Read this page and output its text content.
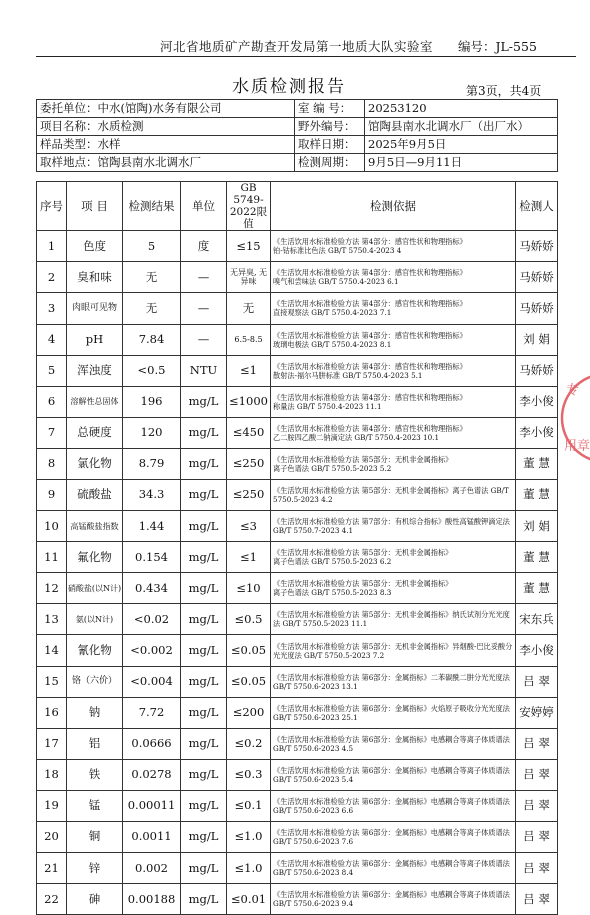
河北省地质矿产勘查开发局第一地质大队实验室 编号：JL-555
水质检测报告	第3页，共4页
委托单位：中水(馆陶)水务有限公司	室 编 号：	20253120
项目名称：水质检测	野外编号：	馆陶县南水北调水厂（出厂水）
样品类型：水样	取样日期：	2025年9月5日
取样地点：馆陶县南水北调水厂	检测周期：	9月5日—9月11日
序号	项 目	检测结果	单位	GB 5749-2022限值	检测依据	检测人
1	色度	5	度	≤15	《生活饮用水标准检验方法 第4部分：感官性状和物理指标》
铂-钴标准比色法 GB/T 5750.4-2023 4	马娇娇
2	臭和味	无	—	无异臭, 无异味	《生活饮用水标准检验方法 第4部分：感官性状和物理指标》
嗅气和尝味法 GB/T 5750.4-2023 6.1	马娇娇
3	肉眼可见物	无	—	无	《生活饮用水标准检验方法 第4部分：感官性状和物理指标》
直接观察法 GB/T 5750.4-2023 7.1	马娇娇
4	pH	7.84	—	6.5-8.5	《生活饮用水标准检验方法 第4部分：感官性状和物理指标》
玻璃电极法 GB/T 5750.4-2023 8.1	刘 娟
5	浑浊度	<0.5	NTU	≤1	《生活饮用水标准检验方法 第4部分：感官性状和物理指标》
散射法-福尔马肼标准 GB/T 5750.4-2023 5.1	马娇娇
6	溶解性总固体	196	mg/L	≤1000	《生活饮用水标准检验方法 第4部分：感官性状和物理指标》
称量法 GB/T 5750.4-2023 11.1	李小俊
7	总硬度	120	mg/L	≤450	《生活饮用水标准检验方法 第4部分：感官性状和物理指标》
乙二胺四乙酸二钠滴定法 GB/T 5750.4-2023 10.1	李小俊
8	氯化物	8.79	mg/L	≤250	《生活饮用水标准检验方法 第5部分：无机非金属指标》
离子色谱法 GB/T 5750.5-2023 5.2	董 慧
9	硫酸盐	34.3	mg/L	≤250	《生活饮用水标准检验方法 第5部分：无机非金属指标》离子色谱法 GB/T 5750.5-2023 4.2	董 慧
10	高锰酸盐指数	1.44	mg/L	≤3	《生活饮用水标准检验方法 第7部分：有机综合指标》酸性高锰酸钾滴定法 GB/T 5750.7-2023 4.1	刘 娟
11	氟化物	0.154	mg/L	≤1	《生活饮用水标准检验方法 第5部分：无机非金属指标》
离子色谱法 GB/T 5750.5-2023 6.2	董 慧
12	硝酸盐(以N计)	0.434	mg/L	≤10	《生活饮用水标准检验方法 第5部分：无机非金属指标》
离子色谱法 GB/T 5750.5-2023 8.3	董 慧
13	氨(以N计)	<0.02	mg/L	≤0.5	《生活饮用水标准检验方法 第5部分：无机非金属指标》纳氏试剂分光光度法 GB/T 5750.5-2023 11.1	宋东兵
14	氰化物	<0.002	mg/L	≤0.05	《生活饮用水标准检验方法 第5部分：无机非金属指标》异烟酸-巴比妥酸分光光度法 GB/T 5750.5-2023 7.2	李小俊
15	铬（六价）	<0.004	mg/L	≤0.05	《生活饮用水标准检验方法 第6部分：金属指标》二苯碳酰二肼分光光度法 GB/T 5750.6-2023 13.1	吕 翠
16	钠	7.72	mg/L	≤200	《生活饮用水标准检验方法 第6部分：金属指标》火焰原子吸收分光光度法 GB/T 5750.6-2023 25.1	安婷婷
17	铝	0.0666	mg/L	≤0.2	《生活饮用水标准检验方法 第6部分：金属指标》电感耦合等离子体质谱法 GB/T 5750.6-2023 4.5	吕 翠
18	铁	0.0278	mg/L	≤0.3	《生活饮用水标准检验方法 第6部分：金属指标》电感耦合等离子体质谱法 GB/T 5750.6-2023 5.4	吕 翠
19	锰	0.00011	mg/L	≤0.1	《生活饮用水标准检验方法 第6部分：金属指标》电感耦合等离子体质谱法 GB/T 5750.6-2023 6.6	吕 翠
20	铜	0.0011	mg/L	≤1.0	《生活饮用水标准检验方法 第6部分：金属指标》电感耦合等离子体质谱法 GB/T 5750.6-2023 7.6	吕 翠
21	锌	0.002	mg/L	≤1.0	《生活饮用水标准检验方法 第6部分：金属指标》电感耦合等离子体质谱法 GB/T 5750.6-2023 8.4	吕 翠
22	砷	0.00188	mg/L	≤0.01	《生活饮用水标准检验方法 第6部分：金属指标》电感耦合等离子体质谱法 GB/T 5750.6-2023 9.4	吕 翠
专
用章
